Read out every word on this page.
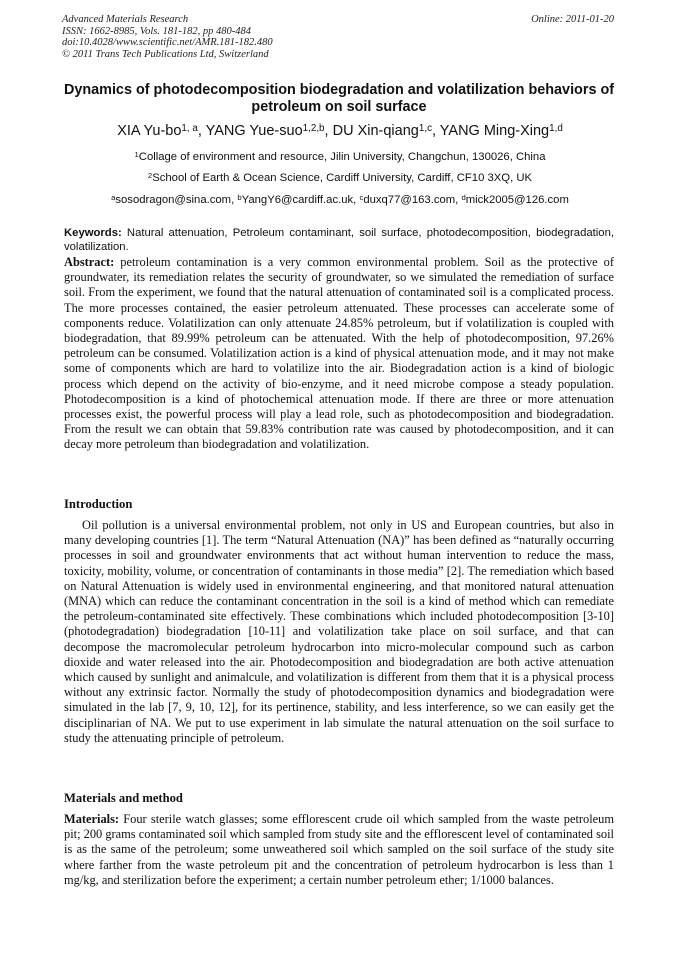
Advanced Materials Research
ISSN: 1662-8985, Vols. 181-182, pp 480-484
doi:10.4028/www.scientific.net/AMR.181-182.480
© 2011 Trans Tech Publications Ltd, Switzerland
Online: 2011-01-20
Dynamics of photodecomposition biodegradation and volatilization behaviors of petroleum on soil surface
XIA Yu-bo$^{1, a}$, YANG Yue-suo$^{1,2,b}$, DU Xin-qiang$^{1,c}$, YANG Ming-Xing$^{1,d}$
$^1$Collage of environment and resource, Jilin University, Changchun, 130026, China
$^2$School of Earth & Ocean Science, Cardiff University, Cardiff, CF10 3XQ, UK
$^a$sosodragon@sina.com, $^b$YangY6@cardiff.ac.uk, $^c$duxq77@163.com, $^d$mick2005@126.com
Keywords: Natural attenuation, Petroleum contaminant, soil surface, photodecomposition, biodegradation, volatilization.
Abstract: petroleum contamination is a very common environmental problem. Soil as the protective of groundwater, its remediation relates the security of groundwater, so we simulated the remediation of surface soil. From the experiment, we found that the natural attenuation of contaminated soil is a complicated process. The more processes contained, the easier petroleum attenuated. These processes can accelerate some of components reduce. Volatilization can only attenuate 24.85% petroleum, but if volatilization is coupled with biodegradation, that 89.99% petroleum can be attenuated. With the help of photodecomposition, 97.26% petroleum can be consumed. Volatilization action is a kind of physical attenuation mode, and it may not make some of components which are hard to volatilize into the air. Biodegradation action is a kind of biologic process which depend on the activity of bio-enzyme, and it need microbe compose a steady population. Photodecomposition is a kind of photochemical attenuation mode. If there are three or more attenuation processes exist, the powerful process will play a lead role, such as photodecomposition and biodegradation. From the result we can obtain that 59.83% contribution rate was caused by photodecomposition, and it can decay more petroleum than biodegradation and volatilization.
Introduction
Oil pollution is a universal environmental problem, not only in US and European countries, but also in many developing countries [1]. The term “Natural Attenuation (NA)” has been defined as “naturally occurring processes in soil and groundwater environments that act without human intervention to reduce the mass, toxicity, mobility, volume, or concentration of contaminants in those media” [2]. The remediation which based on Natural Attenuation is widely used in environmental engineering, and that monitored natural attenuation (MNA) which can reduce the contaminant concentration in the soil is a kind of method which can remediate the petroleum-contaminated site effectively. These combinations which included photodecomposition [3-10] (photodegradation) biodegradation [10-11] and volatilization take place on soil surface, and that can decompose the macromolecular petroleum hydrocarbon into micro-molecular compound such as carbon dioxide and water released into the air. Photodecomposition and biodegradation are both active attenuation which caused by sunlight and animalcule, and volatilization is different from them that it is a physical process without any extrinsic factor. Normally the study of photodecomposition dynamics and biodegradation were simulated in the lab [7, 9, 10, 12], for its pertinence, stability, and less interference, so we can easily get the disciplinarian of NA. We put to use experiment in lab simulate the natural attenuation on the soil surface to study the attenuating principle of petroleum.
Materials and method
Materials: Four sterile watch glasses; some efflorescent crude oil which sampled from the waste petroleum pit; 200 grams contaminated soil which sampled from study site and the efflorescent level of contaminated soil is as the same of the petroleum; some unweathered soil which sampled on the soil surface of the study site where farther from the waste petroleum pit and the concentration of petroleum hydrocarbon is less than 1 mg/kg, and sterilization before the experiment; a certain number petroleum ether; 1/1000 balances.
